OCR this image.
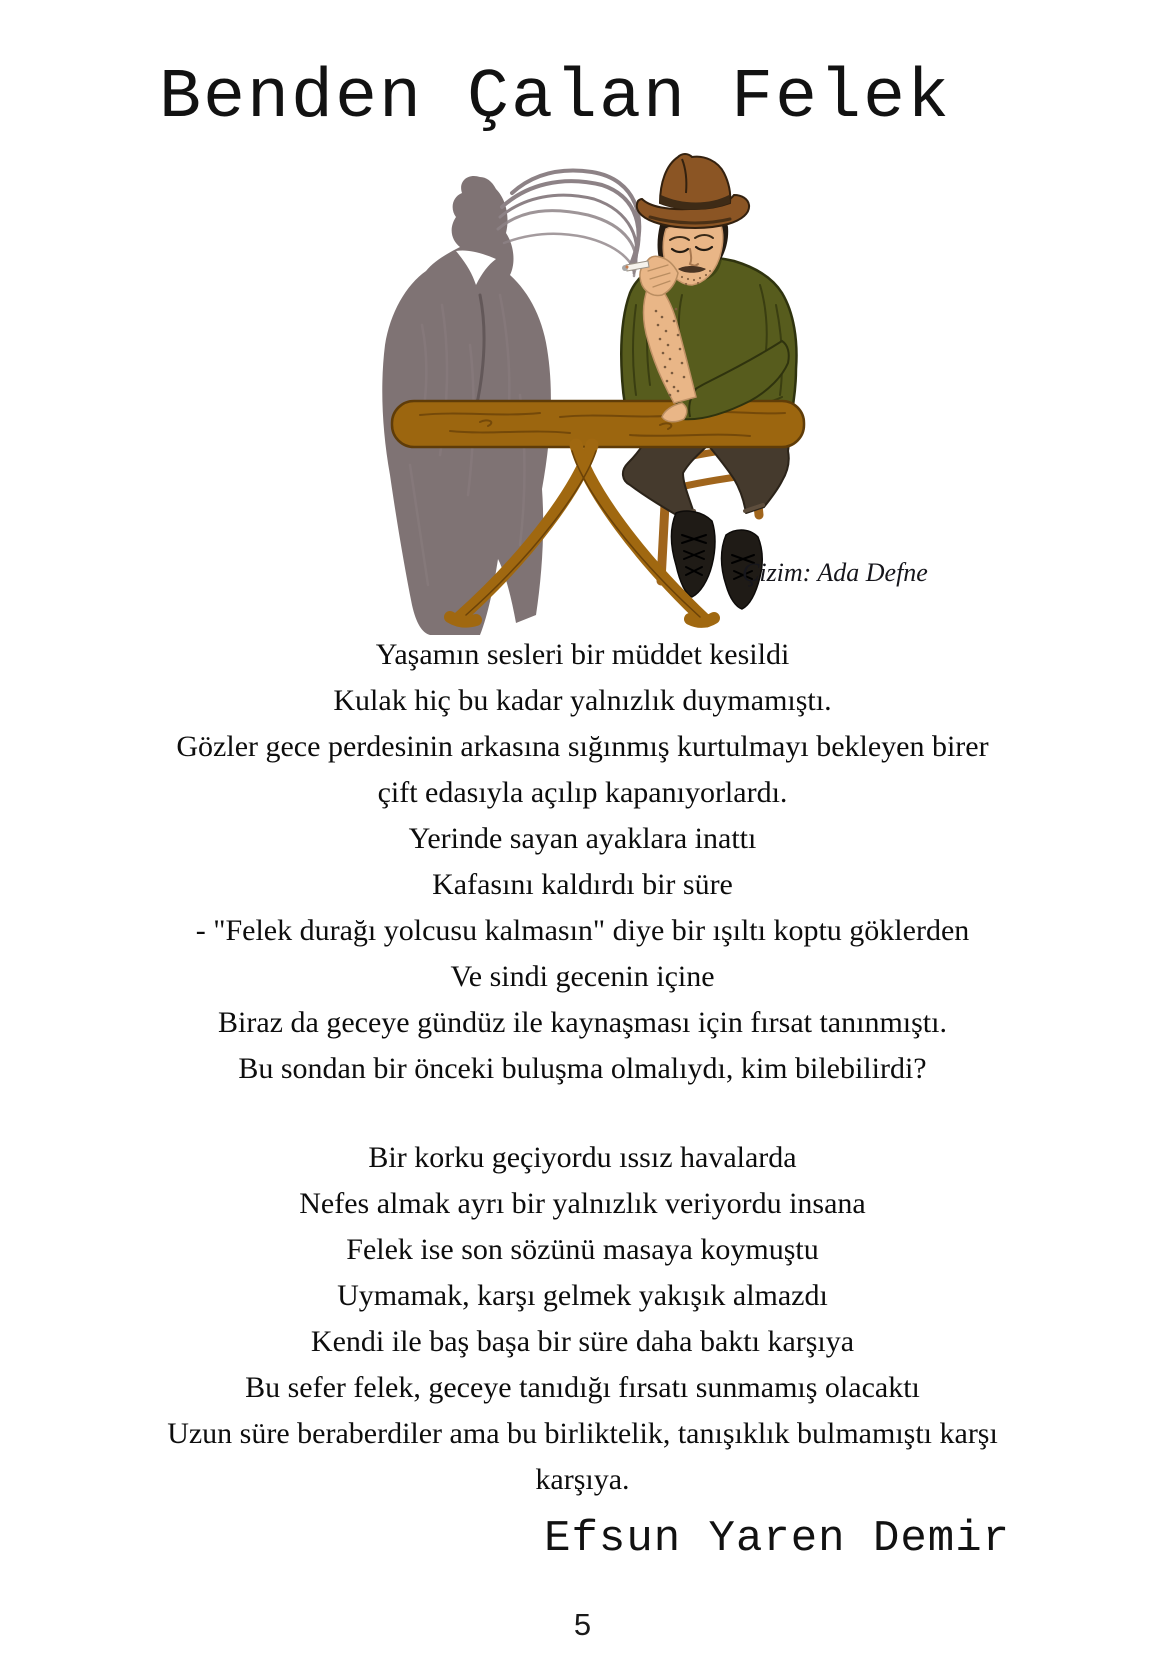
Benden Çalan Felek
Çizim: Ada Defne
Yaşamın sesleri bir müddet kesildi
Kulak hiç bu kadar yalnızlık duymamıştı.
Gözler gece perdesinin arkasına sığınmış kurtulmayı bekleyen birer
çift edasıyla açılıp kapanıyorlardı.
Yerinde sayan ayaklara inattı
Kafasını kaldırdı bir süre
- "Felek durağı yolcusu kalmasın" diye bir ışıltı koptu göklerden
Ve sindi gecenin içine
Biraz da geceye gündüz ile kaynaşması için fırsat tanınmıştı.
Bu sondan bir önceki buluşma olmalıydı, kim bilebilirdi?
Bir korku geçiyordu ıssız havalarda
Nefes almak ayrı bir yalnızlık veriyordu insana
Felek ise son sözünü masaya koymuştu
Uymamak, karşı gelmek yakışık almazdı
Kendi ile baş başa bir süre daha baktı karşıya
Bu sefer felek, geceye tanıdığı fırsatı sunmamış olacaktı
Uzun süre beraberdiler ama bu birliktelik, tanışıklık bulmamıştı karşı
karşıya.
Efsun Yaren Demir
5
